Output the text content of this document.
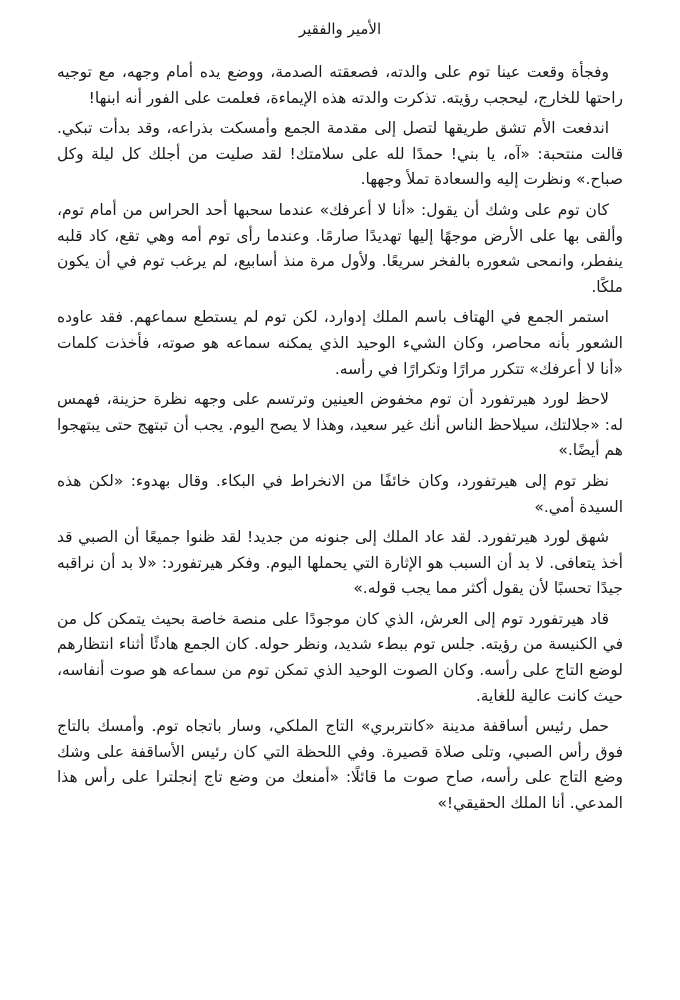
الأمير والفقير

وفجأة وقعت عينا توم على والدته، فصعقته الصدمة، ووضع يده أمام وجهه، مع توجيه راحتها للخارج، ليحجب رؤيته. تذكرت والدته هذه الإيماءة، فعلمت على الفور أنه ابنها!

اندفعت الأم تشق طريقها لتصل إلى مقدمة الجمع وأمسكت بذراعه، وقد بدأت تبكي. قالت منتحبة: «آه، يا بني! حمدًا لله على سلامتك! لقد صليت من أجلك كل ليلة وكل صباح.» ونظرت إليه والسعادة تملأ وجهها.

كان توم على وشك أن يقول: «أنا لا أعرفك» عندما سحبها أحد الحراس من أمام توم، وألقى بها على الأرض موجهًا إليها تهديدًا صارمًا. وعندما رأى توم أمه وهي تقع، كاد قلبه ينفطر، وانمحى شعوره بالفخر سريعًا. ولأول مرة منذ أسابيع، لم يرغب توم في أن يكون ملكًا.

استمر الجمع في الهتاف باسم الملك إدوارد، لكن توم لم يستطع سماعهم. فقد عاوده الشعور بأنه محاصر، وكان الشيء الوحيد الذي يمكنه سماعه هو صوته، فأخذت كلمات «أنا لا أعرفك» تتكرر مرارًا وتكرارًا في رأسه.

لاحظ لورد هيرتفورد أن توم مخفوض العينين وترتسم على وجهه نظرة حزينة، فهمس له: «جلالتك، سيلاحظ الناس أنك غير سعيد، وهذا لا يصح اليوم. يجب أن تبتهج حتى يبتهجوا هم أيضًا.»

نظر توم إلى هيرتفورد، وكان خائفًا من الانخراط في البكاء. وقال بهدوء: «لكن هذه السيدة أمي.»

شهق لورد هيرتفورد. لقد عاد الملك إلى جنونه من جديد! لقد ظنوا جميعًا أن الصبي قد أخذ يتعافى. لا بد أن السبب هو الإثارة التي يحملها اليوم. وفكر هيرتفورد: «لا بد أن نراقبه جيدًا تحسبًا لأن يقول أكثر مما يجب قوله.»

قاد هيرتفورد توم إلى العرش، الذي كان موجودًا على منصة خاصة بحيث يتمكن كل من في الكنيسة من رؤيته. جلس توم ببطء شديد، ونظر حوله. كان الجمع هادئًا أثناء انتظارهم لوضع التاج على رأسه. وكان الصوت الوحيد الذي تمكن توم من سماعه هو صوت أنفاسه، حيث كانت عالية للغاية.

حمل رئيس أساقفة مدينة «كانتربري» التاج الملكي، وسار باتجاه توم. وأمسك بالتاج فوق رأس الصبي، وتلى صلاة قصيرة. وفي اللحظة التي كان رئيس الأساقفة على وشك وضع التاج على رأسه، صاح صوت ما قائلًا: «أمنعك من وضع تاج إنجلترا على رأس هذا المدعي. أنا الملك الحقيقي!»
